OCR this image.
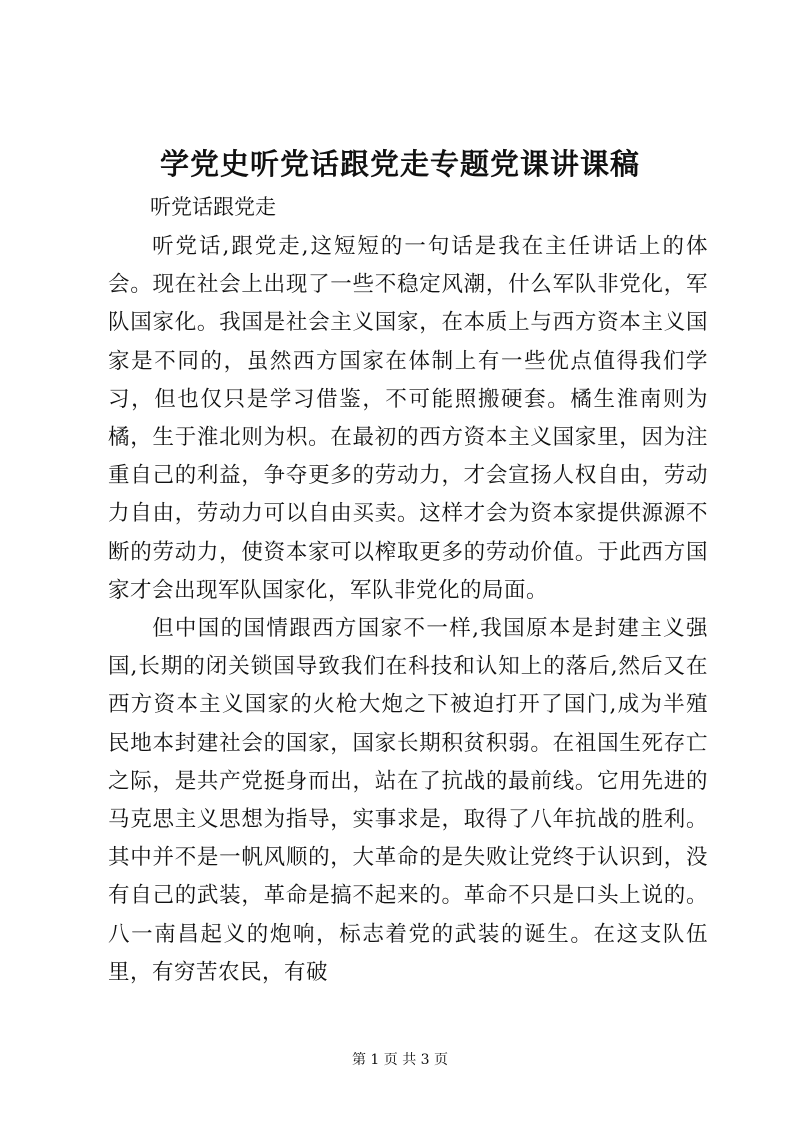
学党史听党话跟党走专题党课讲课稿

听党话跟党走

听党话,跟党走,这短短的一句话是我在主任讲话上的体会。现在社会上出现了一些不稳定风潮，什么军队非党化，军队国家化。我国是社会主义国家，在本质上与西方资本主义国家是不同的，虽然西方国家在体制上有一些优点值得我们学习，但也仅只是学习借鉴，不可能照搬硬套。橘生淮南则为橘，生于淮北则为枳。在最初的西方资本主义国家里，因为注重自己的利益，争夺更多的劳动力，才会宣扬人权自由，劳动力自由，劳动力可以自由买卖。这样才会为资本家提供源源不断的劳动力，使资本家可以榨取更多的劳动价值。于此西方国家才会出现军队国家化，军队非党化的局面。

但中国的国情跟西方国家不一样,我国原本是封建主义强国,长期的闭关锁国导致我们在科技和认知上的落后,然后又在西方资本主义国家的火枪大炮之下被迫打开了国门,成为半殖民地本封建社会的国家，国家长期积贫积弱。在祖国生死存亡之际，是共产党挺身而出，站在了抗战的最前线。它用先进的马克思主义思想为指导，实事求是，取得了八年抗战的胜利。其中并不是一帆风顺的，大革命的是失败让党终于认识到，没有自己的武装，革命是搞不起来的。革命不只是口头上说的。八一南昌起义的炮响，标志着党的武装的诞生。在这支队伍里，有穷苦农民，有破

第 1 页 共 3 页
